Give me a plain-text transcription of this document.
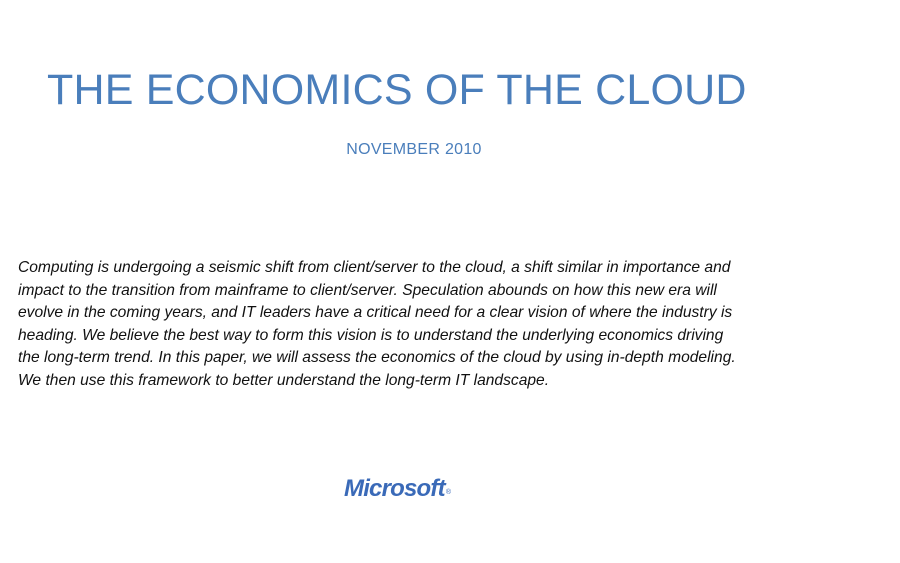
THE ECONOMICS OF THE CLOUD
NOVEMBER 2010

Computing is undergoing a seismic shift from client/server to the cloud, a shift similar in importance and
impact to the transition from mainframe to client/server. Speculation abounds on how this new era will
evolve in the coming years, and IT leaders have a critical need for a clear vision of where the industry is
heading. We believe the best way to form this vision is to understand the underlying economics driving
the long-term trend. In this paper, we will assess the economics of the cloud by using in-depth modeling.
We then use this framework to better understand the long-term IT landscape.

Microsoft®
